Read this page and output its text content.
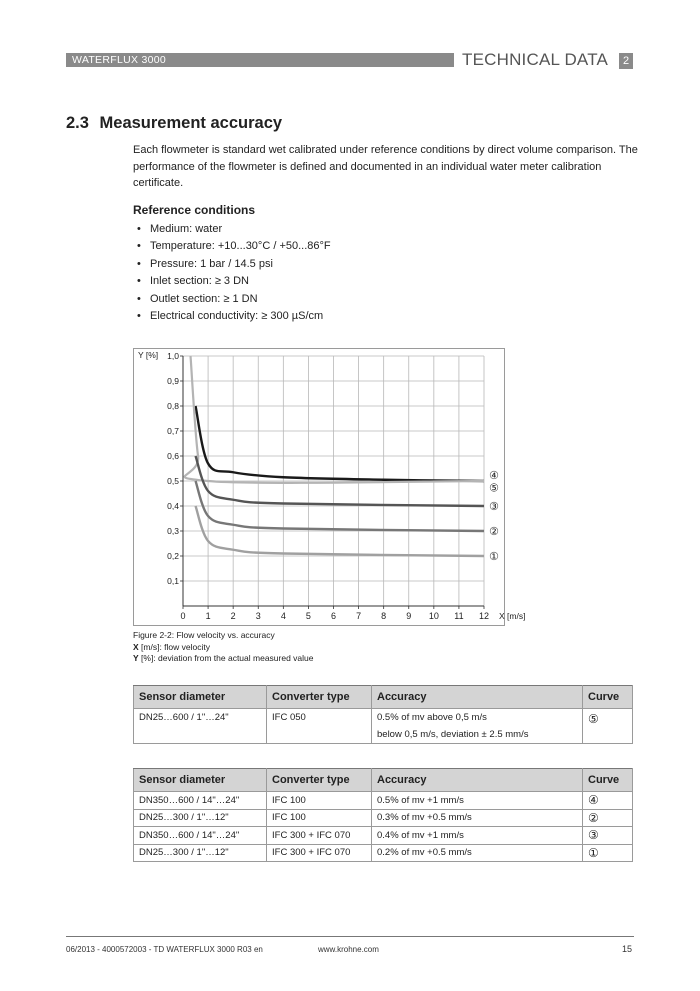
WATERFLUX 3000	TECHNICAL DATA	2
2.3 Measurement accuracy

Each flowmeter is standard wet calibrated under reference conditions by direct volume comparison. The performance of the flowmeter is defined and documented in an individual water meter calibration certificate.

Reference conditions
• Medium: water
• Temperature: +10...30°C / +50...86°F
• Pressure: 1 bar / 14.5 psi
• Inlet section: ≥ 3 DN
• Outlet section: ≥ 1 DN
• Electrical conductivity: ≥ 300 µS/cm
0 1 2 3 4 5 6 7 8 9 10 11 12
0,1
0,2
0,3
0,4
0,5
0,6
0,7
0,8
0,9
1,0
Y [%]
X [m/s]
④
⑤
③
②
①
Figure 2-2: Flow velocity vs. accuracy
X [m/s]: flow velocity
Y [%]: deviation from the actual measured value
Sensor diameter	Converter type	Accuracy	Curve
DN25…600 / 1"…24"	IFC 050	0.5% of mv above 0,5 m/s	⑤
		below 0,5 m/s, deviation ± 2.5 mm/s	
Sensor diameter	Converter type	Accuracy	Curve
DN350…600 / 14"…24"	IFC 100	0.5% of mv +1 mm/s	④
DN25…300 / 1"…12"	IFC 100	0.3% of mv +0.5 mm/s	②
DN350…600 / 14"…24"	IFC 300 + IFC 070	0.4% of mv +1 mm/s	③
DN25…300 / 1"…12"	IFC 300 + IFC 070	0.2% of mv +0.5 mm/s	①
06/2013 - 4000572003 - TD WATERFLUX 3000 R03 en	www.krohne.com	15
